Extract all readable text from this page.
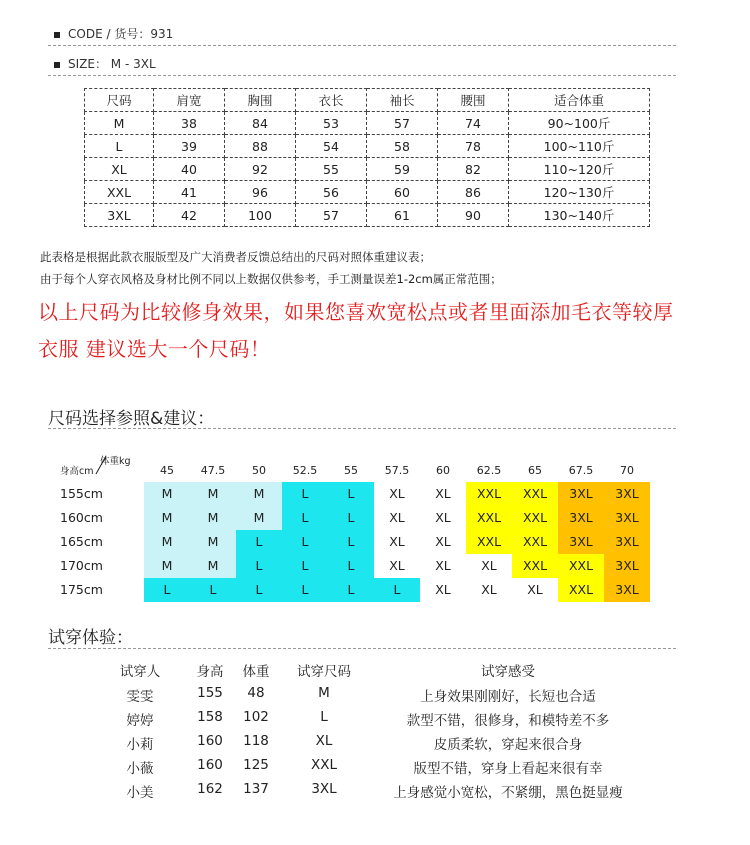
CODE / 货号：931
SIZE： M - 3XL
尺码	肩宽	胸围	衣长	袖长	腰围	适合体重
M	38	84	53	57	74	90~100斤
L	39	88	54	58	78	100~110斤
XL	40	92	55	59	82	110~120斤
XXL	41	96	56	60	86	120~130斤
3XL	42	100	57	61	90	130~140斤
此表格是根据此款衣服版型及广大消费者反馈总结出的尺码对照体重建议表；
由于每个人穿衣风格及身材比例不同以上数据仅供参考，手工测量误差1-2cm属正常范围；
以上尺码为比较修身效果，如果您喜欢宽松点或者里面添加毛衣等较厚
衣服 建议选大一个尺码！
尺码选择参照&建议：
身高cm
体重kg
45	47.5	50	52.5	55	57.5	60	62.5	65	67.5	70
155cm	M	M	M	L	L	XL	XL	XXL	XXL	3XL	3XL
160cm	M	M	M	L	L	XL	XL	XXL	XXL	3XL	3XL
165cm	M	M	L	L	L	XL	XL	XXL	XXL	3XL	3XL
170cm	M	M	L	L	L	XL	XL	XL	XXL	XXL	3XL
175cm	L	L	L	L	L	L	XL	XL	XL	XXL	3XL
试穿体验：
试穿人	身高	体重	试穿尺码	试穿感受
雯雯	155	48	M	上身效果刚刚好，长短也合适
婷婷	158	102	L	款型不错，很修身，和模特差不多
小莉	160	118	XL	皮质柔软，穿起来很合身
小薇	160	125	XXL	版型不错，穿身上看起来很有幸
小美	162	137	3XL	上身感觉小宽松，不紧绷，黑色挺显瘦
